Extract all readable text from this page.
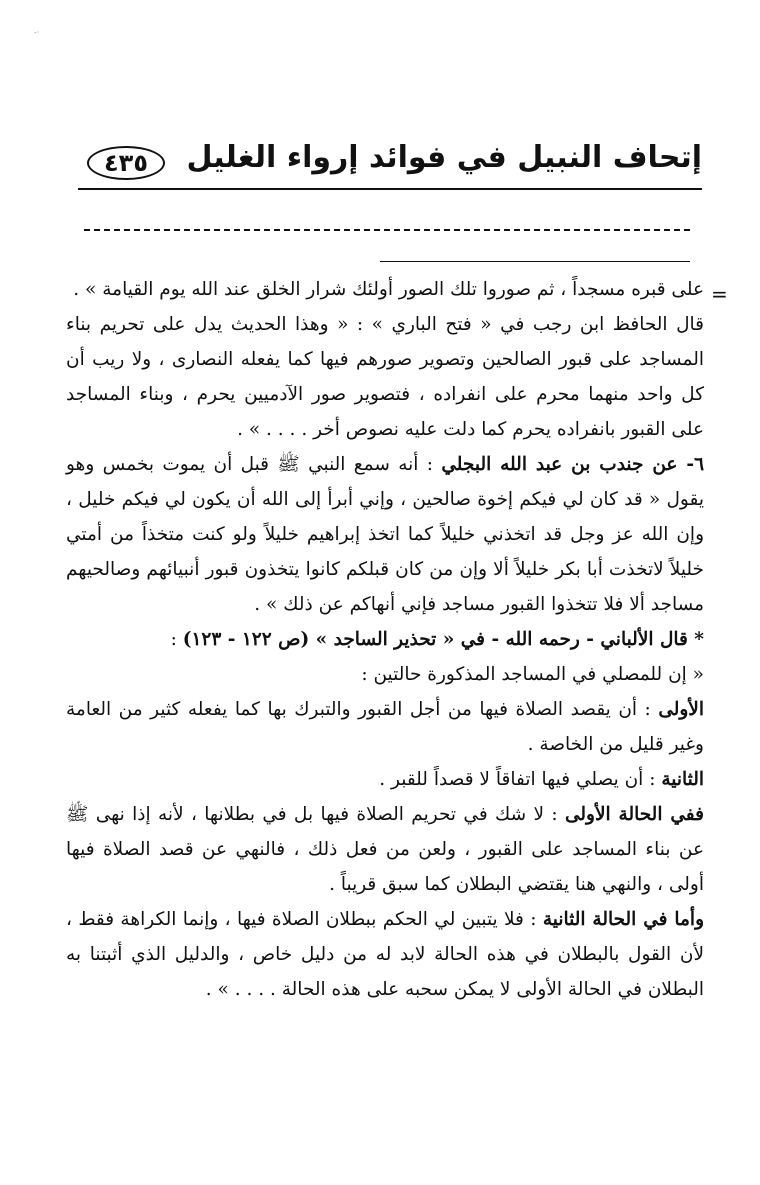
-·
٤٣٥	إتحاف النبيل في فوائد إرواء الغليل
=

على قبره مسجداً ، ثم صوروا تلك الصور أولئك شرار الخلق عند الله يوم القيامة » .

قال الحافظ ابن رجب في « فتح الباري » : « وهذا الحديث يدل على تحريم بناء المساجد على قبور الصالحين وتصوير صورهم فيها كما يفعله النصارى ، ولا ريب أن كل واحد منهما محرم على انفراده ، فتصوير صور الآدميين يحرم ، وبناء المساجد على القبور بانفراده يحرم كما دلت عليه نصوص أخر . . . . » .

٦- عن جندب بن عبد الله البجلي : أنه سمع النبي ﷺ قبل أن يموت بخمس وهو يقول « قد كان لي فيكم إخوة صالحين ، وإني أبرأ إلى الله أن يكون لي فيكم خليل ، وإن الله عز وجل قد اتخذني خليلاً كما اتخذ إبراهيم خليلاً ولو كنت متخذاً من أمتي خليلاً لاتخذت أبا بكر خليلاً ألا وإن من كان قبلكم كانوا يتخذون قبور أنبيائهم وصالحيهم مساجد ألا فلا تتخذوا القبور مساجد فإني أنهاكم عن ذلك » .

* قال الألباني - رحمه الله - في « تحذير الساجد » (ص ١٢٢ - ١٢٣) :

« إن للمصلي في المساجد المذكورة حالتين :

الأولى : أن يقصد الصلاة فيها من أجل القبور والتبرك بها كما يفعله كثير من العامة وغير قليل من الخاصة .

الثانية : أن يصلي فيها اتفاقاً لا قصداً للقبر .

ففي الحالة الأولى : لا شك في تحريم الصلاة فيها بل في بطلانها ، لأنه إذا نهى ﷺ عن بناء المساجد على القبور ، ولعن من فعل ذلك ، فالنهي عن قصد الصلاة فيها أولى ، والنهي هنا يقتضي البطلان كما سبق قريباً .

وأما في الحالة الثانية : فلا يتبين لي الحكم ببطلان الصلاة فيها ، وإنما الكراهة فقط ، لأن القول بالبطلان في هذه الحالة لابد له من دليل خاص ، والدليل الذي أثبتنا به البطلان في الحالة الأولى لا يمكن سحبه على هذه الحالة . . . . » .
